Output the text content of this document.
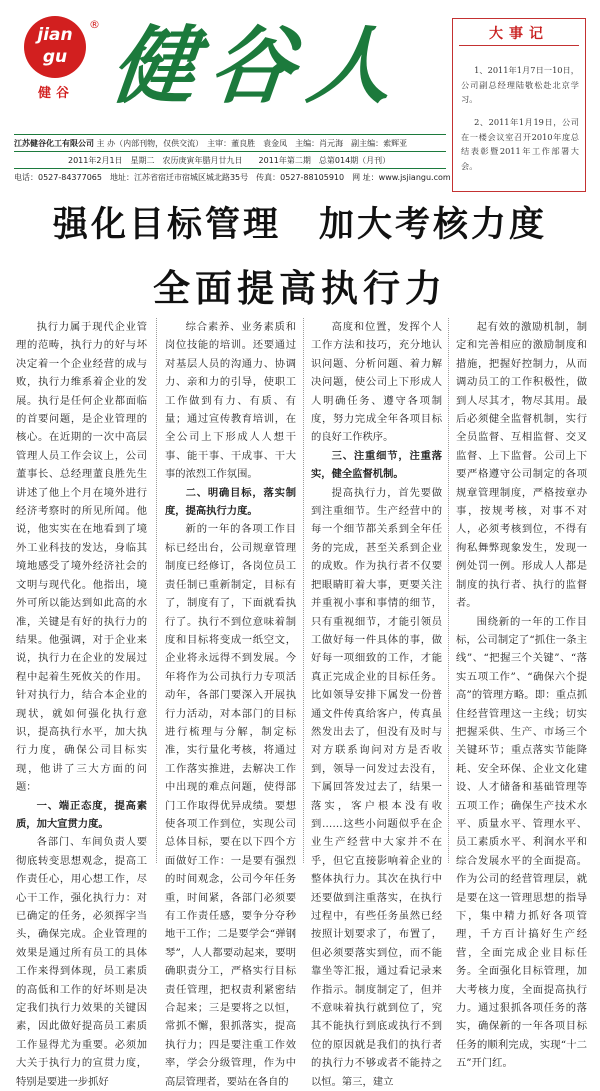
jian
gu
®
健谷 健谷人
江苏健谷化工有限公司 主 办（内部刊物，仅供交流）　主审：董良胜　袁金凤　主编：肖元海　副主编：索辉亚
2011年2月1日　星期二　农历庚寅年腊月廿九日　　2011年第二期　总第014期（月刊）
电话：0527-84377065　地址：江苏省宿迁市宿城区城北路35号　传真：0527-88105910　网 址：www.jsjiangu.com
大事记
1、2011年1月7日一10日，公司副总经理陆敬松赴北京学习。
2、2011年1月19日，公司在一楼会议室召开2010年度总结表彰暨2011年工作部署大会。
强化目标管理　加大考核力度
全面提高执行力

执行力属于现代企业管理的范畴，执行力的好与坏决定着一个企业经营的成与败，执行力维系着企业的发展。执行是任何企业都面临的首要问题，是企业管理的核心。在近期的一次中高层管理人员工作会议上，公司董事长、总经理董良胜先生讲述了他上个月在境外进行经济考察时的所见所闻。他说，他实实在在地看到了境外工业科技的发达，身临其境地感受了境外经济社会的文明与现代化。他指出，境外可所以能达到如此高的水准，关键是有好的执行力的结果。他强调，对于企业来说，执行力在企业的发展过程中起着生死攸关的作用。针对执行力，结合本企业的现状，就如何强化执行意识，提高执行水平，加大执行力度，确保公司目标实现，他讲了三大方面的问题：

一、端正态度，提高素质，加大宣贯力度。

各部门、车间负责人要彻底转变思想观念，提高工作责任心，用心想工作，尽心干工作，强化执行力：对已确定的任务，必须挥字当头，确保完成。企业管理的效果是通过所有员工的具体工作来得到体现，员工素质的高低和工作的好坏则是决定我们执行力效果的关键因素，因此做好提高员工素质工作显得尤为重要。必须加大关于执行力的宣贯力度，特别是要进一步抓好

综合素养、业务素质和岗位技能的培训。还要通过对基层人员的沟通力、协调力、亲和力的引导，使职工工作做到有力、有质、有量；通过宣传教育培训，在全公司上下形成人人想干事、能干事、干成事、干大事的浓烈工作氛围。

二、明确目标，落实制度，提高执行力度。

新的一年的各项工作目标已经出台，公司规章管理制度已经修订，各岗位员工责任制已重新制定，目标有了，制度有了，下面就看执行了。执行不到位意味着制度和目标将变成一纸空文，企业将永远得不到发展。今年将作为公司执行力专项活动年，各部门要深入开展执行力活动，对本部门的目标进行梳理与分解，制定标准，实行量化考核，将通过工作落实推进，去解决工作中出现的难点问题，使得部门工作取得优异成绩。要想使各项工作到位，实现公司总体目标，要在以下四个方面做好工作：一是要有强烈的时间观念，公司今年任务重，时间紧，各部门必须要有工作责任感，要争分夺秒地干工作；二是要学会“弹钢琴”，人人都要动起来，要明确职责分工，严格实行目标责任管理，把权责利紧密结合起来；三是要将之以恒，常抓不懈，狠抓落实，提高执行力；四是要注重工作效率，学会分级管理，作为中高层管理者，要站在各自的

高度和位置，发挥个人工作方法和技巧，充分地认识问题、分析问题、着力解决问题，使公司上下形成人人明确任务、遵守各项制度，努力完成全年各项目标的良好工作秩序。

三、注重细节，注重落实，健全监督机制。

提高执行力，首先要做到注重细节。生产经营中的每一个细节都关系到全年任务的完成，甚至关系到企业的成败。作为执行者不仅要把眼睛盯着大事，更要关注并重视小事和事情的细节，只有重视细节，才能引领员工做好每一件具体的事，做好每一项细致的工作，才能真正完成企业的目标任务。比如领导安排下属发一份普通文件传真给客户，传真虽然发出去了，但没有及时与对方联系询问对方是否收到，领导一问发过去没有，下属回答发过去了，结果一落实，客户根本没有收到……这些小问题似乎在企业生产经营中大家并不在乎，但它直接影响着企业的整体执行力。其次在执行中还要做到注重落实，在执行过程中，有些任务虽然已经按照计划要求了，布置了，但必须要落实到位，而不能靠坐等汇报，通过看记录来作指示。制度制定了，但并不意味着执行就到位了，究其不能执行到底或执行不到位的原因就是我们的执行者的执行力不够或者不能持之以恒。第三，建立

起有效的激励机制，制定和完善相应的激励制度和措施，把握好控制力，从而调动员工的工作积极性，做到人尽其才，物尽其用。最后必须健全监督机制，实行全员监督、互相监督、交叉监督、上下监督。公司上下要严格遵守公司制定的各项规章管理制度，严格按章办事，按规考核，对事不对人，必须考核到位，不得有徇私舞弊现象发生，发现一例处罚一例。形成人人都是制度的执行者、执行的监督者。

围绕新的一年的工作目标，公司制定了“抓住一条主线”、“把握三个关键”、“落实五项工作”、“确保六个提高”的管理方略。即：重点抓住经营管理这一主线；切实把握采供、生产、市场三个关键环节；重点落实节能降耗、安全环保、企业文化建设、人才储备和基础管理等五项工作；确保生产技术水平、质量水平、管理水平、员工素质水平、利润水平和综合发展水平的全面提高。作为公司的经营管理层，就是要在这一管理思想的指导下，集中精力抓好各项管理，千方百计搞好生产经营，全面完成企业目标任务。全面强化目标管理，加大考核力度，全面提高执行力。通过狠抓各项任务的落实，确保新的一年各项目标任务的顺利完成，实现“十二五”开门红。
